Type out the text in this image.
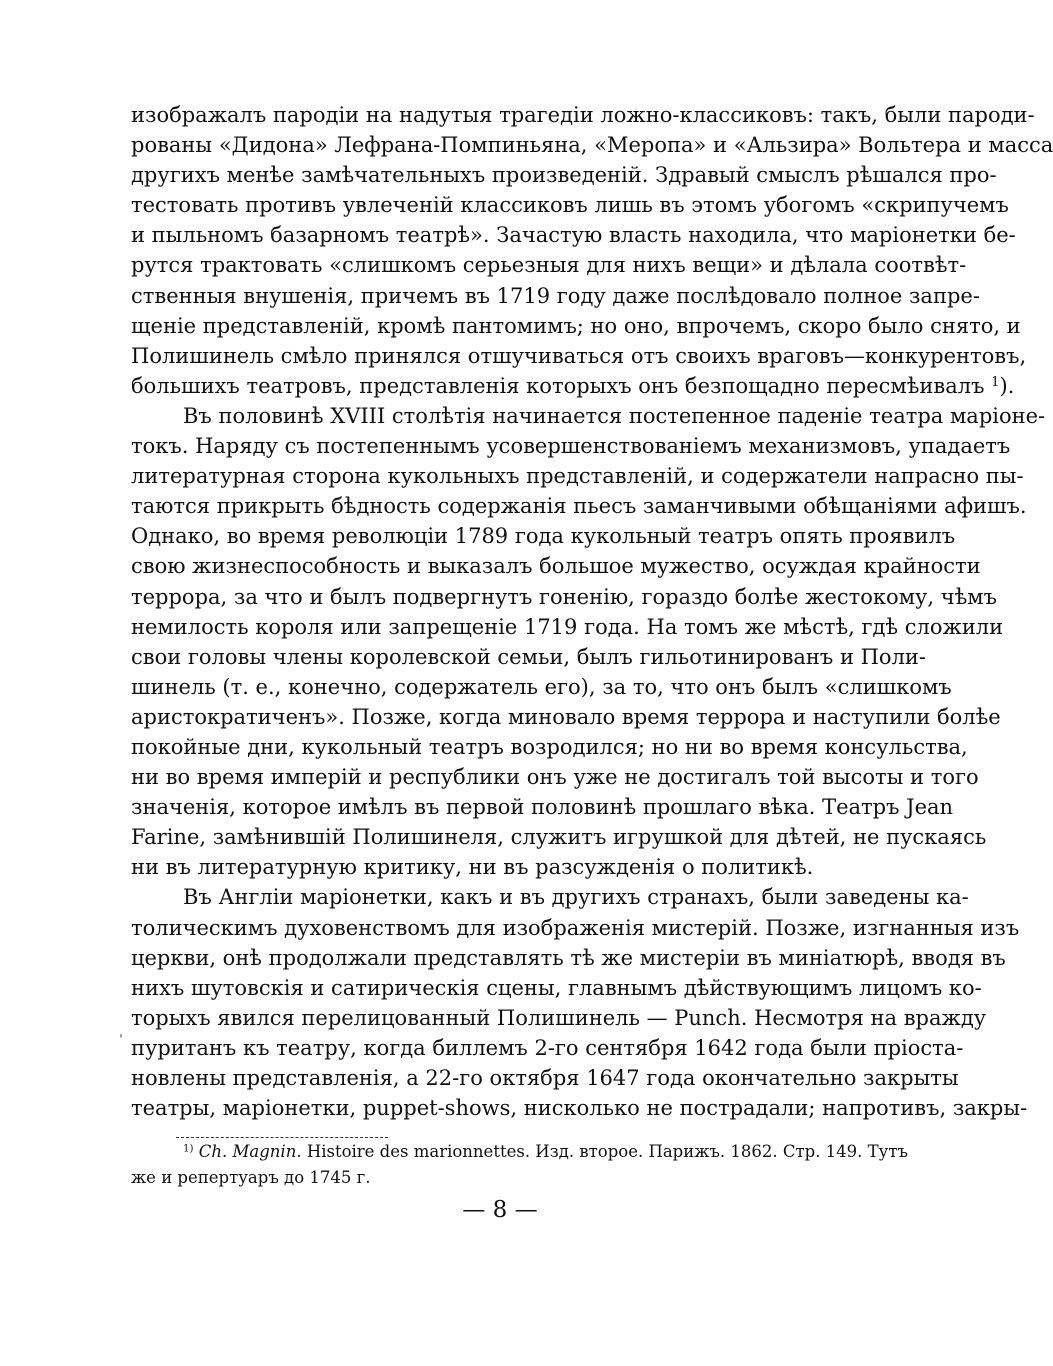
изображалъ пародіи на надутыя трагедіи ложно-классиковъ: такъ, были пароди-
рованы «Дидона» Лефрана-Помпиньяна, «Меропа» и «Альзира» Вольтера и масса
другихъ менѣе замѣчательныхъ произведеній. Здравый смыслъ рѣшался про-
тестовать противъ увлеченій классиковъ лишь въ этомъ убогомъ «скрипучемъ
и пыльномъ базарномъ театрѣ». Зачастую власть находила, что маріонетки бе-
рутся трактовать «слишкомъ серьезныя для нихъ вещи» и дѣлала соотвѣт-
ственныя внушенія, причемъ въ 1719 году даже послѣдовало полное запре-
щеніе представленій, кромѣ пантомимъ; но оно, впрочемъ, скоро было снято, и
Полишинель смѣло принялся отшучиваться отъ своихъ враговъ—конкурентовъ,
большихъ театровъ, представленія которыхъ онъ безпощадно пересмѣивалъ $^1$).
Въ половинѣ XVIII столѣтія начинается постепенное паденіе театра маріоне-
токъ. Наряду съ постепеннымъ усовершенствованіемъ механизмовъ, упадаетъ
литературная сторона кукольныхъ представленій, и содержатели напрасно пы-
таются прикрыть бѣдность содержанія пьесъ заманчивыми обѣщаніями афишъ.
Однако, во время революціи 1789 года кукольный театръ опять проявилъ
свою жизнеспособность и выказалъ большое мужество, осуждая крайности
террора, за что и былъ подвергнутъ гоненію, гораздо болѣе жестокому, чѣмъ
немилость короля или запрещеніе 1719 года. На томъ же мѣстѣ, гдѣ сложили
свои головы члены королевской семьи, былъ гильотинированъ и Поли-
шинель (т. е., конечно, содержатель его), за то, что онъ былъ «слишкомъ
аристократиченъ». Позже, когда миновало время террора и наступили болѣе
покойные дни, кукольный театръ возродился; но ни во время консульства,
ни во время имперій и республики онъ уже не достигалъ той высоты и того
значенія, которое имѣлъ въ первой половинѣ прошлаго вѣка. Театръ Jean
Farine, замѣнившій Полишинеля, служитъ игрушкой для дѣтей, не пускаясь
ни въ литературную критику, ни въ разсужденія о политикѣ.
Въ Англіи маріонетки, какъ и въ другихъ странахъ, были заведены ка-
толическимъ духовенствомъ для изображенія мистерій. Позже, изгнанныя изъ
церкви, онѣ продолжали представлять тѣ же мистеріи въ миніатюрѣ, вводя въ
нихъ шутовскія и сатирическія сцены, главнымъ дѣйствующимъ лицомъ ко-
торыхъ явился перелицованный Полишинель — Punch. Несмотря на вражду
пуританъ къ театру, когда биллемъ 2-го сентября 1642 года были пріоста-
новлены представленія, а 22-го октября 1647 года окончательно закрыты
театры, маріонетки, puppet-shows, нисколько не пострадали; напротивъ, закры-
ˌ
$^{1)}$ Ch. Magnin. Histoire des marionnettes. Изд. второе. Парижъ. 1862. Стр. 149. Тутъ
же и репертуаръ до 1745 г.
— 8 —
